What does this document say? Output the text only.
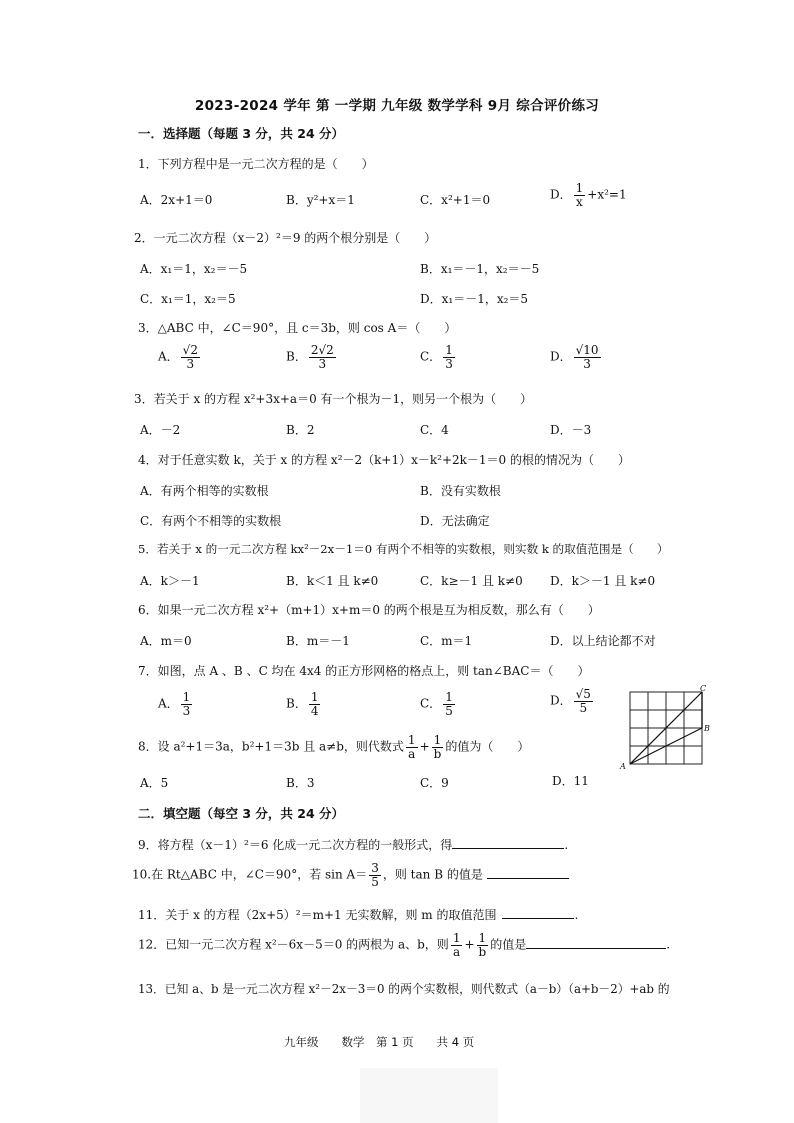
2023-2024 学年 第 一学期 九年级 数学学科 9月 综合评价练习
一．选择题（每题 3 分，共 24 分）
1．下列方程中是一元二次方程的是（　　）
A．2x+1＝0	B．y²+x＝1	C．x²+1＝0	D． $\frac{1}{x} +x^2=1$
2．一元二次方程（x－2）²＝9 的两个根分别是（　　）
A．x₁＝1，x₂＝－5	B．x₁＝－1，x₂＝－5
C．x₁＝1，x₂＝5	D．x₁＝－1，x₂＝5
3．△ABC 中，∠C＝90°，且 c＝3b，则 cos A＝（　　）
A． $\frac{√2}{3}$	B． $\frac{2√2}{3}$	C． $\frac{1}{3}$	D． $\frac{√10}{3}$
3．若关于 x 的方程 x²+3x+a＝0 有一个根为－1，则另一个根为（　　）
A．－2	B．2	C．4	D．－3
4．对于任意实数 k，关于 x 的方程 x²－2（k+1）x－k²+2k－1＝0 的根的情况为（　　）
A．有两个相等的实数根	B．没有实数根
C．有两个不相等的实数根	D．无法确定
5．若关于 x 的一元二次方程 kx²－2x－1＝0 有两个不相等的实数根，则实数 k 的取值范围是（　　）
A．k＞－1	B．k＜1 且 k≠0	C．k≥－1 且 k≠0 D．k＞－1 且 k≠0
6．如果一元二次方程 x²+（m+1）x+m＝0 的两个根是互为相反数，那么有（　　）
A．m＝0	B．m＝－1	C．m＝1	D．以上结论都不对
7．如图，点 A 、B 、C 均在 4x4 的正方形网格的格点上，则 tan∠BAC＝（　　）
A． $\frac{1}{3}$	B． $\frac{1}{4}$	C． $\frac{1}{5}$	D． $\frac{√5}{5}$
A
B
C
8．设 a²+1＝3a，b²+1＝3b 且 a≠b，则代数式 $\frac{1}{a} + \frac{1}{b}$ 的值为（　　）
A．5	B．3	C．9	D．11
二．填空题（每空 3 分，共 24 分）
9．将方程（x－1）²＝6 化成一元二次方程的一般形式，得	.
10.在 Rt△ABC 中，∠C＝90°，若 $\sin A= \frac{3}{5}$ ，则 tan B 的值是
11．关于 x 的方程（2x+5）²＝m+1 无实数解，则 m 的取值范围	.
12．已知一元二次方程 x²－6x－5＝0 的两根为 a、b，则 $\frac{1}{a} + \frac{1}{b}$ 的值是	.
13．已知 a、b 是一元二次方程 x²－2x－3＝0 的两个实数根，则代数式（a－b）（a+b－2）+ab 的
九年级　　数学　第 1 页　　共 4 页
